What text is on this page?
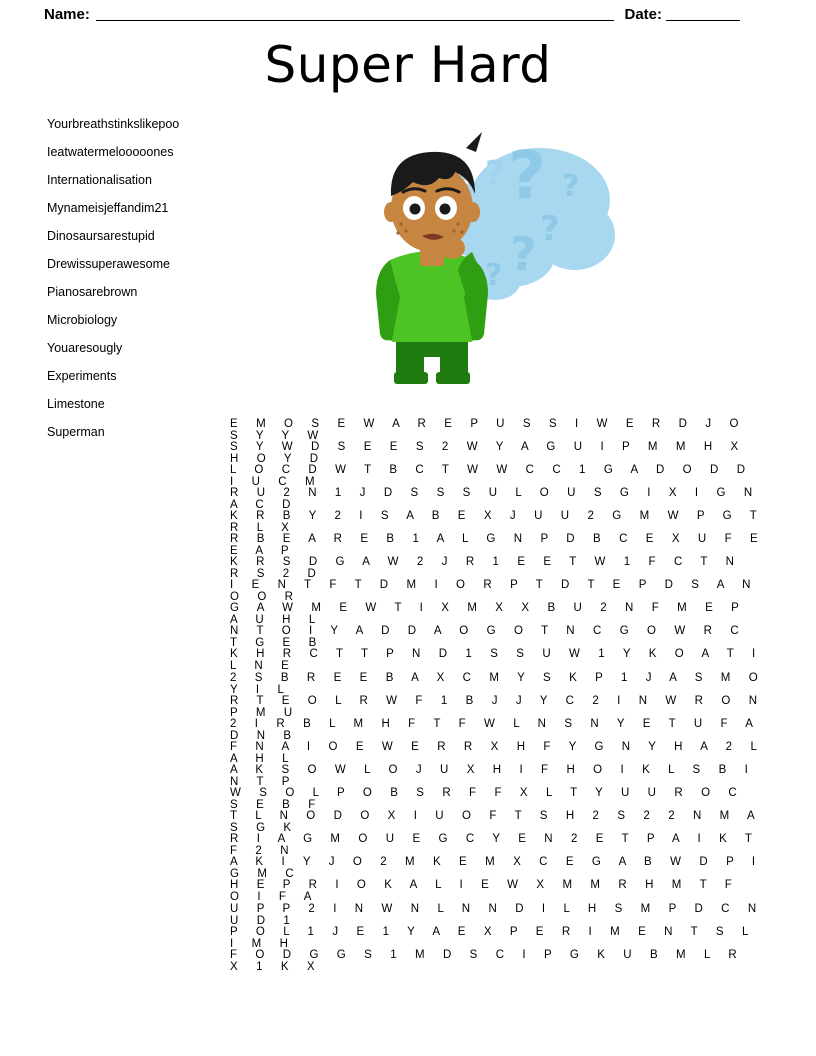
Name:	Date:
Super Hard
Yourbreathstinkslikepoo
Ieatwatermelooooones
Internationalisation
Mynameisjeffandim21
Dinosaursarestupid
Drewissuperawesome
Pianosarebrown
Microbiology
Youaresougly
Experiments
Limestone
Superman
? ? ?
?
?
?
E M O S E W A R E P U S S I W E R D J O S Y Y W
S Y W D S E E S 2 W Y A G U I P M M H X H O Y D
L O C D W T B C T W W C C 1 G A D O D D I U C M
R U 2 N 1 J D S S S U L O U S G I X I G N A C D
K R B Y 2 I S A B E X J U U 2 G M W P G T R L X
R B E A R E B 1 A L G N P D B C E X U F E E A P
K R S D G A W 2 J R 1 E E T W 1 F C T N R S 2 D
I E N T F T D M I O R P T D T E P D S A N O O R
G A W M E W T I X M X X B U 2 N F M E P A U H L
N T O I Y A D D A O G O T N C G O W R C T G E B
K H R C T T P N D 1 S S U W 1 Y K O A T I L N E
2 S B R E E B A X C M Y S K P 1 J A S M O Y I L
R T E O L R W F 1 B J J Y C 2 I N W R O N P M U
2 I R B L M H F T F W L N S N Y E T U F A D N B
F N A I O E W E R R X H F Y G N Y H A 2 L A H L
A K S O W L O J U X H I F H O I K L S B I N T P
W S O L P O B S R F F X L T Y U U R O C S E B F
T L N O D O X I U O F T S H 2 S 2 2 N M A S G K
R I A G M O U E G C Y E N 2 E T P A I K T F 2 N
A K I Y J O 2 M K E M X C E G A B W D P I G M C
H E P R I O K A L I E W X M M R H M T F O I F A
U P P 2 I N W N L N N D I L H S M P D C N U D 1
P O L 1 J E 1 Y A E X P E R I M E N T S L I M H
F O D G G S 1 M D S C I P G K U B M L R X 1 K X
